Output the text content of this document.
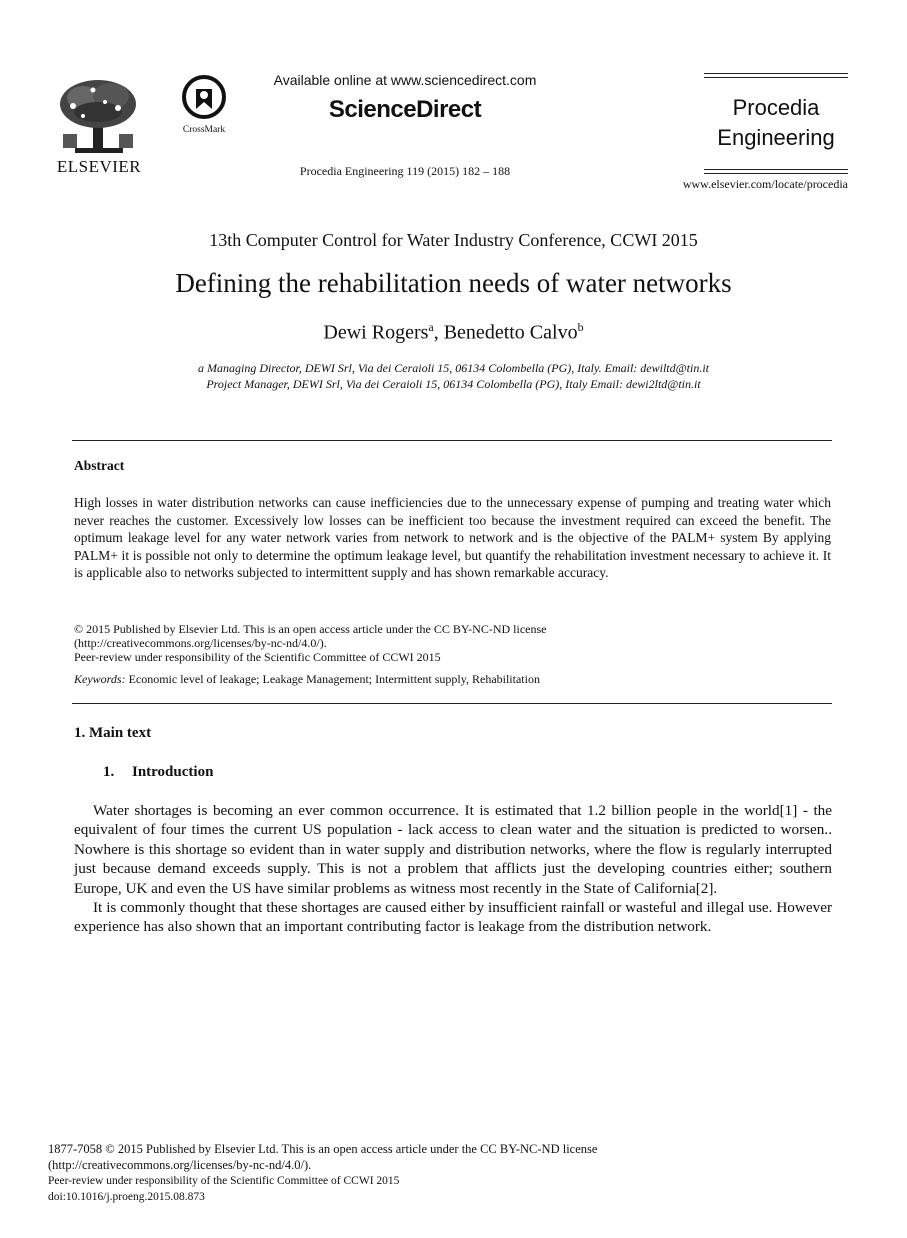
ELSEVIER
CrossMark
Available online at www.sciencedirect.com
ScienceDirect
Procedia Engineering 119 (2015) 182 – 188
Procedia
Engineering
www.elsevier.com/locate/procedia
13th Computer Control for Water Industry Conference, CCWI 2015
Defining the rehabilitation needs of water networks
Dewi Rogers$^a$, Benedetto Calvo$^b$
a Managing Director, DEWI Srl, Via dei Ceraioli 15, 06134 Colombella (PG), Italy. Email: dewiltd@tin.it
Project Manager, DEWI Srl, Via dei Ceraioli 15, 06134 Colombella (PG), Italy Email: dewi2ltd@tin.it
Abstract
High losses in water distribution networks can cause inefficiencies due to the unnecessary expense of pumping and treating water which never reaches the customer. Excessively low losses can be inefficient too because the investment required can exceed the benefit. The optimum leakage level for any water network varies from network to network and is the objective of the PALM+ system By applying PALM+ it is possible not only to determine the optimum leakage level, but quantify the rehabilitation investment necessary to achieve it. It is applicable also to networks subjected to intermittent supply and has shown remarkable accuracy.
© 2015 Published by Elsevier Ltd. This is an open access article under the CC BY-NC-ND license
(http://creativecommons.org/licenses/by-nc-nd/4.0/).
Peer-review under responsibility of the Scientific Committee of CCWI 2015
Keywords: Economic level of leakage; Leakage Management; Intermittent supply, Rehabilitation
1. Main text
1. Introduction

Water shortages is becoming an ever common occurrence. It is estimated that 1.2 billion people in the world[1] - the equivalent of four times the current US population - lack access to clean water and the situation is predicted to worsen.. Nowhere is this shortage so evident than in water supply and distribution networks, where the flow is regularly interrupted just because demand exceeds supply. This is not a problem that afflicts just the developing countries either; southern Europe, UK and even the US have similar problems as witness most recently in the State of California[2].

It is commonly thought that these shortages are caused either by insufficient rainfall or wasteful and illegal use. However experience has also shown that an important contributing factor is leakage from the distribution network.

1877-7058 © 2015 Published by Elsevier Ltd. This is an open access article under the CC BY-NC-ND license
(http://creativecommons.org/licenses/by-nc-nd/4.0/).
Peer-review under responsibility of the Scientific Committee of CCWI 2015
doi:10.1016/j.proeng.2015.08.873
